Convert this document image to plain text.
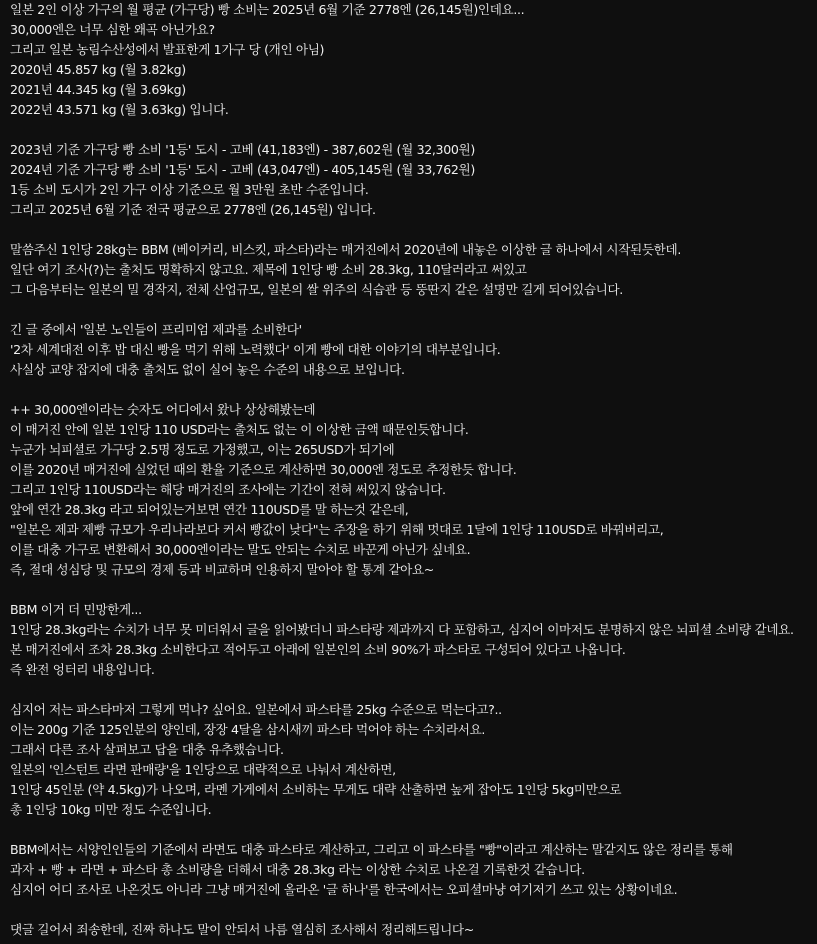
일본 2인 이상 가구의 월 평균 (가구당) 빵 소비는 2025년 6월 기준 2778엔 (26,145원)인데요...
30,000엔은 너무 심한 왜곡 아닌가요?
그리고 일본 농림수산성에서 발표한게 1가구 당 (개인 아님)
2020년 45.857 kg (월 3.82kg)
2021년 44.345 kg (월 3.69kg)
2022년 43.571 kg (월 3.63kg) 입니다.
2023년 기준 가구당 빵 소비 '1등' 도시 - 고베 (41,183엔) - 387,602원 (월 32,300원)
2024년 기준 가구당 빵 소비 '1등' 도시 - 고베 (43,047엔) - 405,145원 (월 33,762원)
1등 소비 도시가 2인 가구 이상 기준으로 월 3만원 초반 수준입니다.
그리고 2025년 6월 기준 전국 평균으로 2778엔 (26,145원) 입니다.
말씀주신 1인당 28kg는 BBM (베이커리, 비스킷, 파스타)라는 매거진에서 2020년에 내놓은 이상한 글 하나에서 시작된듯한데.
일단 여기 조사(?)는 출처도 명확하지 않고요. 제목에 1인당 빵 소비 28.3kg, 110달러라고 써있고
그 다음부터는 일본의 밀 경작지, 전체 산업규모, 일본의 쌀 위주의 식습관 등 뚱딴지 같은 설명만 길게 되어있습니다.
긴 글 중에서 '일본 노인들이 프리미엄 제과를 소비한다'
'2차 세계대전 이후 밥 대신 빵을 먹기 위해 노력했다' 이게 빵에 대한 이야기의 대부분입니다.
사실상 교양 잡지에 대충 출처도 없이 실어 놓은 수준의 내용으로 보입니다.
++ 30,000엔이라는 숫자도 어디에서 왔나 상상해봤는데
이 매거진 안에 일본 1인당 110 USD라는 출처도 없는 이 이상한 금액 때문인듯합니다.
누군가 뇌피셜로 가구당 2.5명 정도로 가정했고, 이는 265USD가 되기에
이를 2020년 매거진에 실었던 때의 환율 기준으로 계산하면 30,000엔 정도로 추정한듯 합니다.
그리고 1인당 110USD라는 해당 매거진의 조사에는 기간이 전혀 써있지 않습니다.
앞에 연간 28.3kg 라고 되어있는거보면 연간 110USD를 말 하는것 같은데,
"일본은 제과 제빵 규모가 우리나라보다 커서 빵값이 낮다"는 주장을 하기 위해 멋대로 1달에 1인당 110USD로 바꿔버리고,
이를 대충 가구로 변환해서 30,000엔이라는 말도 안되는 수치로 바꾼게 아닌가 싶네요.
즉, 절대 성심당 및 규모의 경제 등과 비교하며 인용하지 말아야 할 통계 같아요~
BBM 이거 더 민망한게...
1인당 28.3kg라는 수치가 너무 못 미더워서 글을 읽어봤더니 파스타랑 제과까지 다 포함하고, 심지어 이마저도 분명하지 않은 뇌피셜 소비량 같네요.
본 매거진에서 조차 28.3kg 소비한다고 적어두고 아래에 일본인의 소비 90%가 파스타로 구성되어 있다고 나옵니다.
즉 완전 엉터리 내용입니다.
심지어 저는 파스타마저 그렇게 먹나? 싶어요. 일본에서 파스타를 25kg 수준으로 먹는다고?..
이는 200g 기준 125인분의 양인데, 장장 4달을 삼시새끼 파스타 먹어야 하는 수치라서요.
그래서 다른 조사 살펴보고 답을 대충 유추했습니다.
일본의 '인스턴트 라면 판매량'을 1인당으로 대략적으로 나눠서 계산하면,
1인당 45인분 (약 4.5kg)가 나오며, 라멘 가게에서 소비하는 무게도 대략 산출하면 높게 잡아도 1인당 5kg미만으로
총 1인당 10kg 미만 정도 수준입니다.
BBM에서는 서양인인들의 기준에서 라면도 대충 파스타로 계산하고, 그리고 이 파스타를 "빵"이라고 계산하는 말같지도 않은 정리를 통해
과자 + 빵 + 라면 + 파스타 총 소비량을 더해서 대충 28.3kg 라는 이상한 수치로 나온걸 기록한것 같습니다.
심지어 어디 조사로 나온것도 아니라 그냥 매거진에 올라온 '글 하나'를 한국에서는 오피셜마냥 여기저기 쓰고 있는 상황이네요.
댓글 길어서 죄송한데, 진짜 하나도 말이 안되서 나름 열심히 조사해서 정리해드립니다~
